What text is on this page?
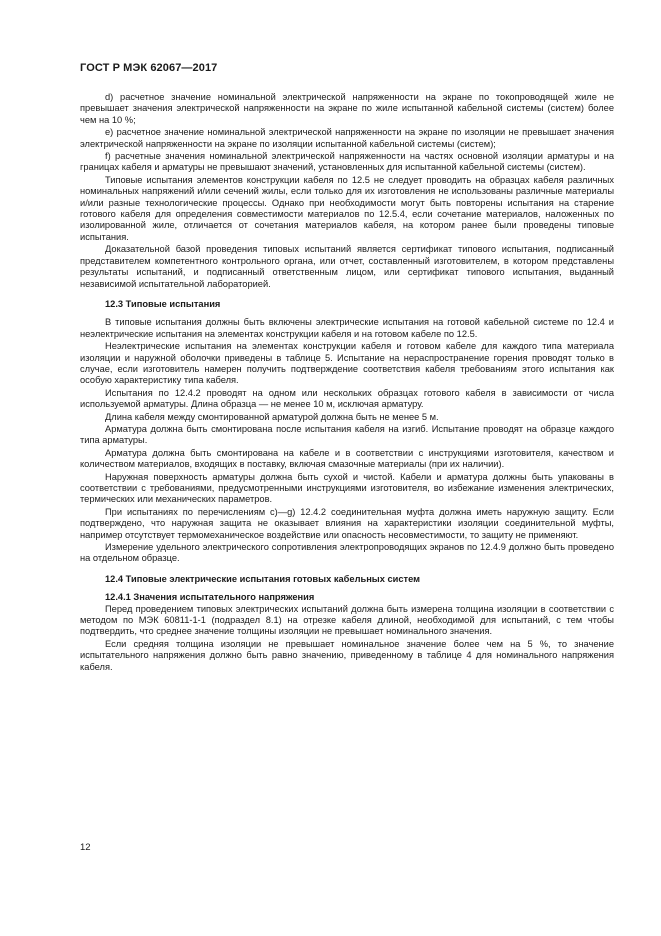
ГОСТ Р МЭК 62067—2017

d) расчетное значение номинальной электрической напряженности на экране по токопроводящей жиле не превышает значения электрической напряженности на экране по жиле испытанной кабельной системы (систем) более чем на 10 %;

e) расчетное значение номинальной электрической напряженности на экране по изоляции не превышает значения электрической напряженности на экране по изоляции испытанной кабельной системы (систем);

f) расчетные значения номинальной электрической напряженности на частях основной изоляции арматуры и на границах кабеля и арматуры не превышают значений, установленных для испытанной кабельной системы (систем).

Типовые испытания элементов конструкции кабеля по 12.5 не следует проводить на образцах кабеля различных номинальных напряжений и/или сечений жилы, если только для их изготовления не использованы различные материалы и/или разные технологические процессы. Однако при необходимости могут быть повторены испытания на старение готового кабеля для определения совместимости материалов по 12.5.4, если сочетание материалов, наложенных по изолированной жиле, отличается от сочетания материалов кабеля, на котором ранее были проведены типовые испытания.

Доказательной базой проведения типовых испытаний является сертификат типового испытания, подписанный представителем компетентного контрольного органа, или отчет, составленный изготовителем, в котором представлены результаты испытаний, и подписанный ответственным лицом, или сертификат типового испытания, выданный независимой испытательной лабораторией.

12.3 Типовые испытания

В типовые испытания должны быть включены электрические испытания на готовой кабельной системе по 12.4 и неэлектрические испытания на элементах конструкции кабеля и на готовом кабеле по 12.5.

Неэлектрические испытания на элементах конструкции кабеля и готовом кабеле для каждого типа материала изоляции и наружной оболочки приведены в таблице 5. Испытание на нераспространение горения проводят только в случае, если изготовитель намерен получить подтверждение соответствия кабеля требованиям этого испытания как особую характеристику типа кабеля.

Испытания по 12.4.2 проводят на одном или нескольких образцах готового кабеля в зависимости от числа используемой арматуры. Длина образца — не менее 10 м, исключая арматуру.

Длина кабеля между смонтированной арматурой должна быть не менее 5 м.

Арматура должна быть смонтирована после испытания кабеля на изгиб. Испытание проводят на образце каждого типа арматуры.

Арматура должна быть смонтирована на кабеле и в соответствии с инструкциями изготовителя, качеством и количеством материалов, входящих в поставку, включая смазочные материалы (при их наличии).

Наружная поверхность арматуры должна быть сухой и чистой. Кабели и арматура должны быть упакованы в соответствии с требованиями, предусмотренными инструкциями изготовителя, во избежание изменения электрических, термических или механических параметров.

При испытаниях по перечислениям с)—g) 12.4.2 соединительная муфта должна иметь наружную защиту. Если подтверждено, что наружная защита не оказывает влияния на характеристики изоляции соединительной муфты, например отсутствует термомеханическое воздействие или опасность несовместимости, то защиту не применяют.

Измерение удельного электрического сопротивления электропроводящих экранов по 12.4.9 должно быть проведено на отдельном образце.

12.4 Типовые электрические испытания готовых кабельных систем
12.4.1 Значения испытательного напряжения

Перед проведением типовых электрических испытаний должна быть измерена толщина изоляции в соответствии с методом по МЭК 60811-1-1 (подраздел 8.1) на отрезке кабеля длиной, необходимой для испытаний, с тем чтобы подтвердить, что среднее значение толщины изоляции не превышает номинального значения.

Если средняя толщина изоляции не превышает номинальное значение более чем на 5 %, то значение испытательного напряжения должно быть равно значению, приведенному в таблице 4 для номинального напряжения кабеля.

12
